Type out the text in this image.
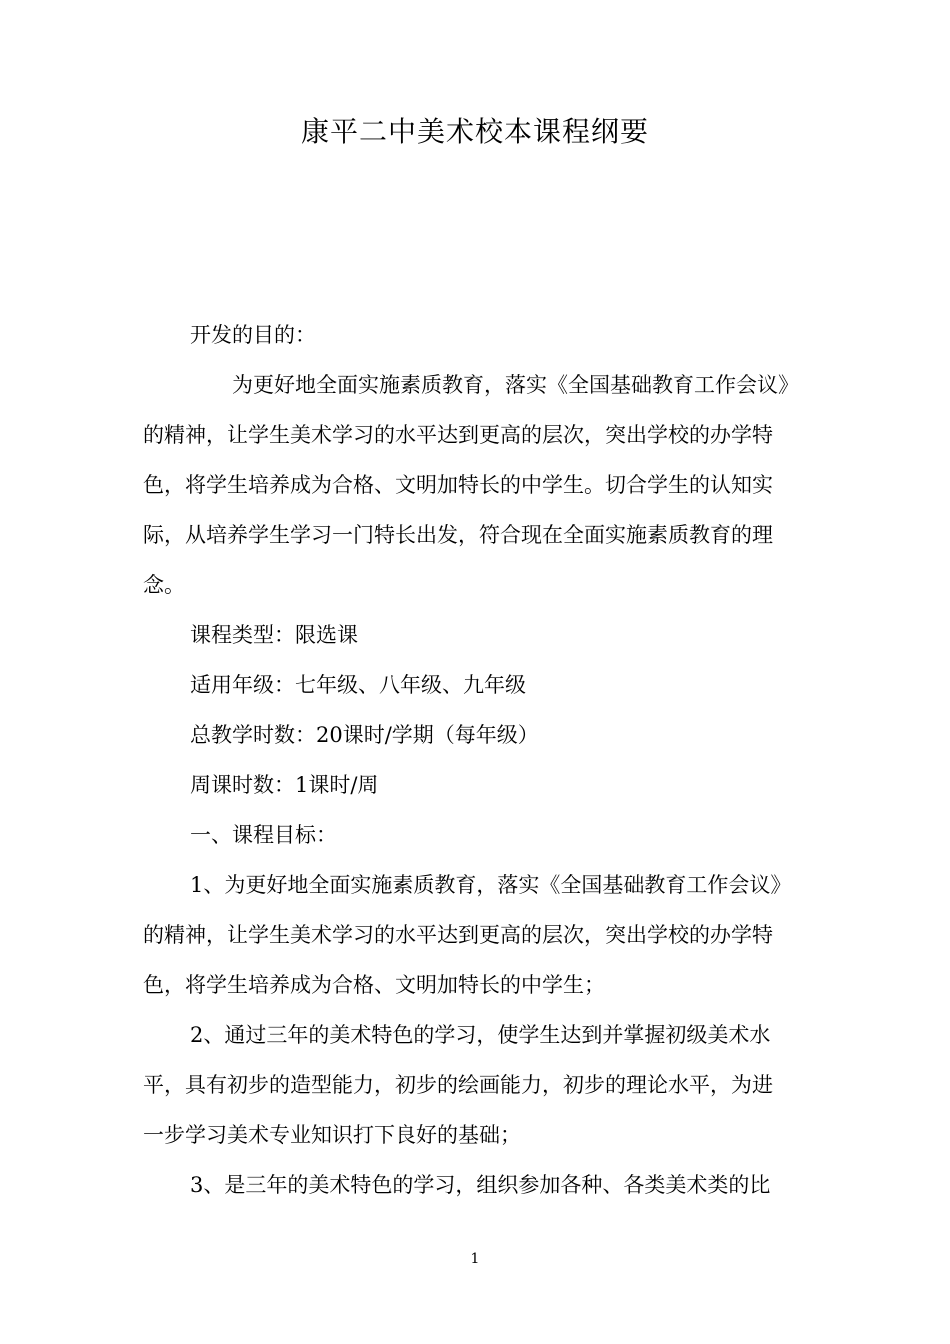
康平二中美术校本课程纲要
开发的目的：
为更好地全面实施素质教育，落实《全国基础教育工作会议》
的精神，让学生美术学习的水平达到更高的层次，突出学校的办学特
色，将学生培养成为合格、文明加特长的中学生。切合学生的认知实
际，从培养学生学习一门特长出发，符合现在全面实施素质教育的理
念。
课程类型：限选课
适用年级：七年级、八年级、九年级
总教学时数：20课时/学期（每年级）
周课时数：1课时/周
一、课程目标：
1、为更好地全面实施素质教育，落实《全国基础教育工作会议》
的精神，让学生美术学习的水平达到更高的层次，突出学校的办学特
色，将学生培养成为合格、文明加特长的中学生；
2、通过三年的美术特色的学习，使学生达到并掌握初级美术水
平，具有初步的造型能力，初步的绘画能力，初步的理论水平，为进
一步学习美术专业知识打下良好的基础；
3、是三年的美术特色的学习，组织参加各种、各类美术类的比
1
